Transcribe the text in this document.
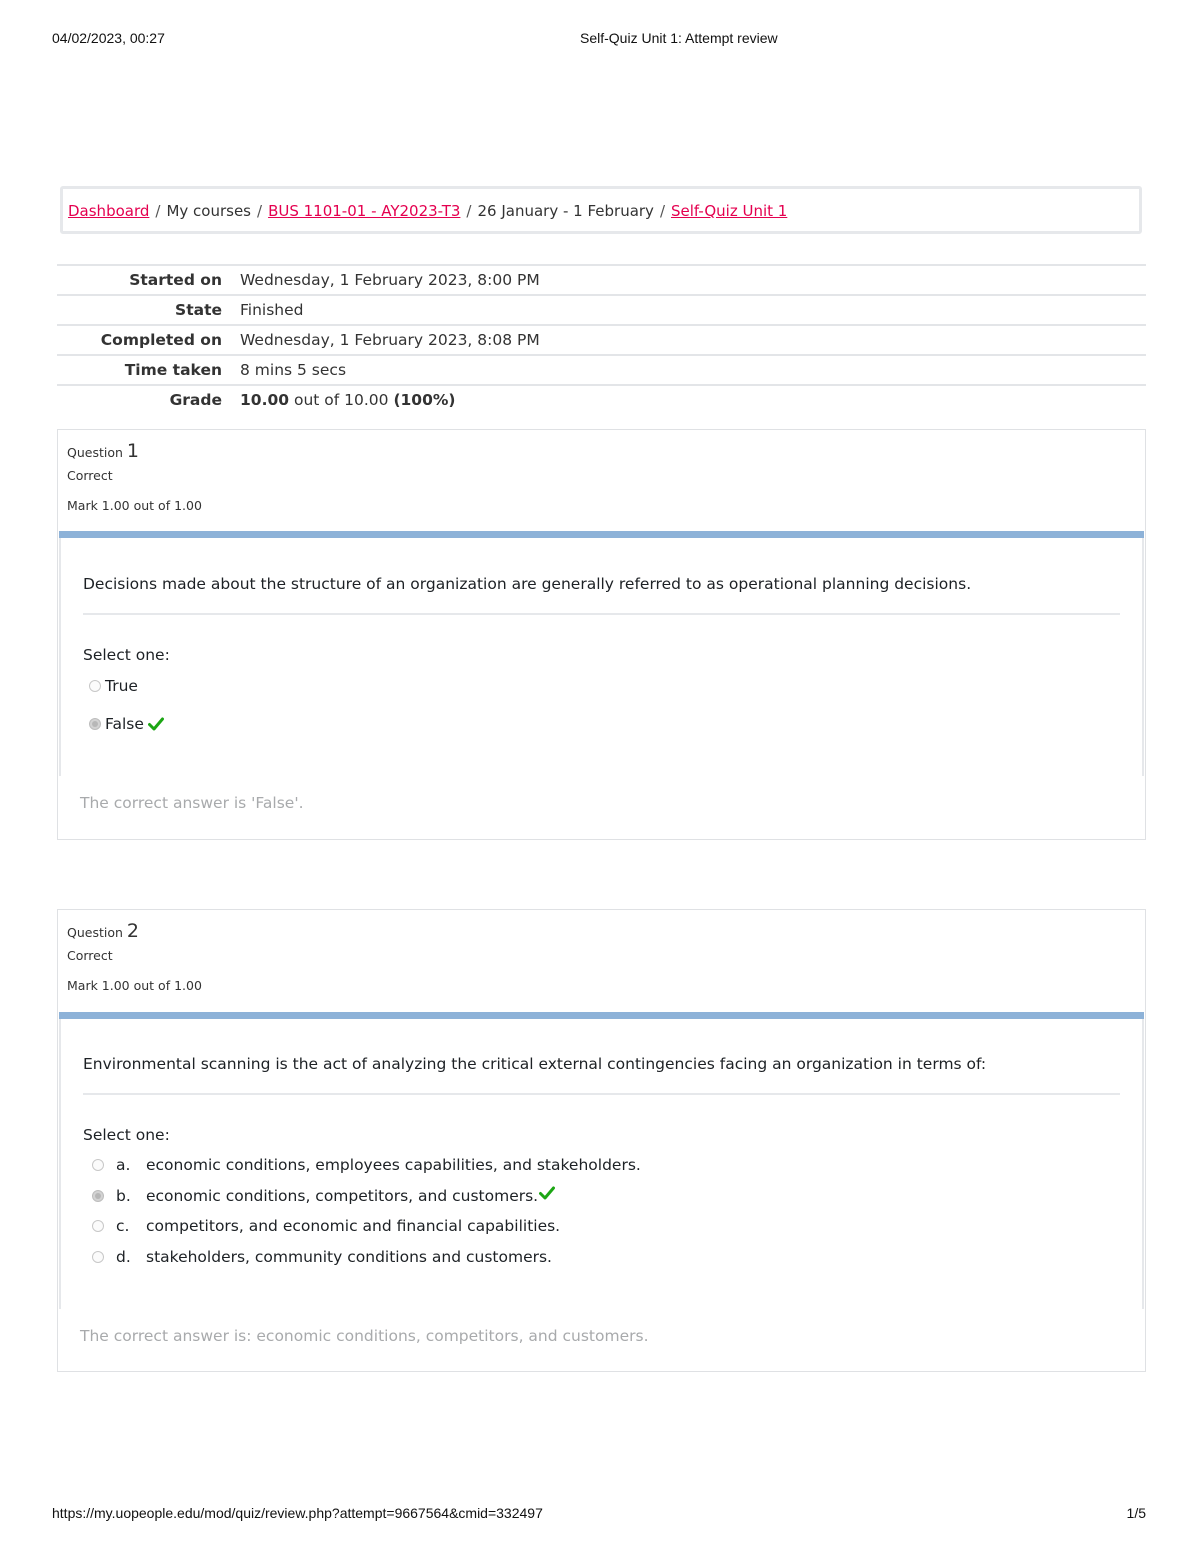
04/02/2023, 00:27	Self-Quiz Unit 1: Attempt review
Dashboard / My courses / BUS 1101-01 - AY2023-T3 / 26 January - 1 February / Self-Quiz Unit 1
Started on Wednesday, 1 February 2023, 8:00 PM
State Finished
Completed on Wednesday, 1 February 2023, 8:08 PM
Time taken 8 mins 5 secs
Grade 10.00 out of 10.00 (100%)
Question 1
Correct
Mark 1.00 out of 1.00
Decisions made about the structure of an organization are generally referred to as operational planning decisions.
Select one:
True
False
The correct answer is 'False'.
Question 2
Correct
Mark 1.00 out of 1.00
Environmental scanning is the act of analyzing the critical external contingencies facing an organization in terms of:
Select one:
a. economic conditions, employees capabilities, and stakeholders.
b. economic conditions, competitors, and customers.
c. competitors, and economic and financial capabilities.
d. stakeholders, community conditions and customers.
The correct answer is: economic conditions, competitors, and customers.
https://my.uopeople.edu/mod/quiz/review.php?attempt=9667564&cmid=332497	1/5
